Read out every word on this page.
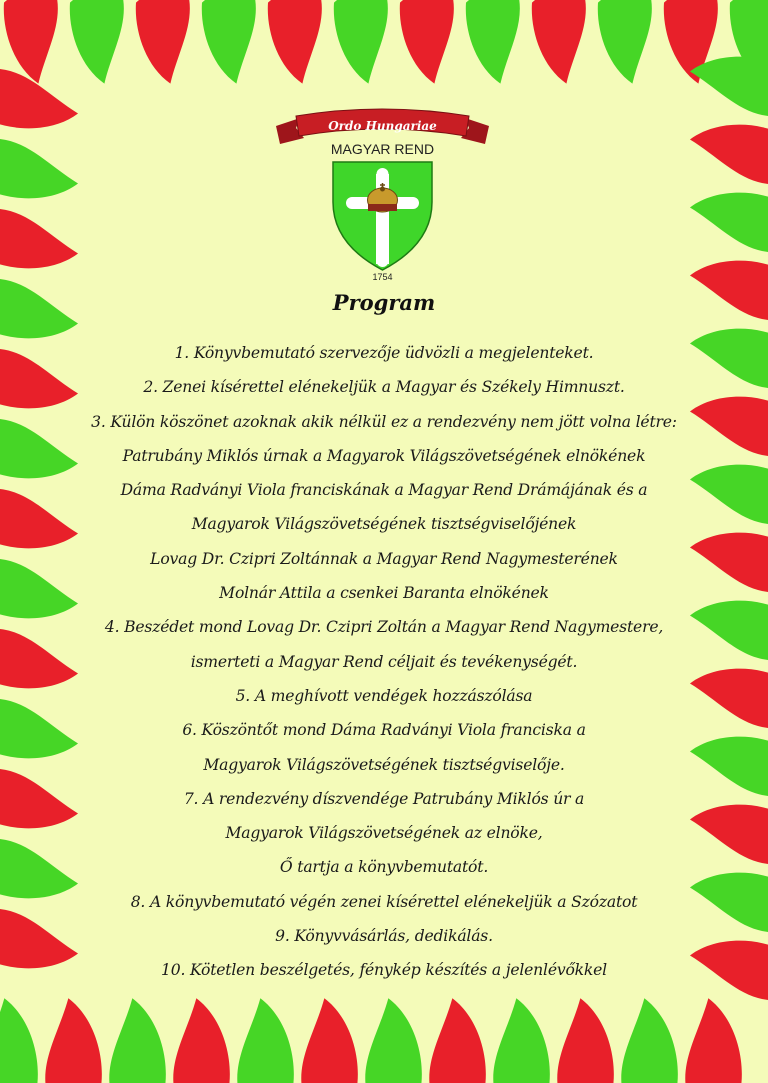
Ordo Hungariae
MAGYAR REND
1754
Program
1. Könyvbemutató szervezője üdvözli a megjelenteket.
2. Zenei kísérettel elénekeljük a Magyar és Székely Himnuszt.
3. Külön köszönet azoknak akik nélkül ez a rendezvény nem jött volna létre:
Patrubány Miklós úrnak a Magyarok Világszövetségének elnökének
Dáma Radványi Viola franciskának a Magyar Rend Drámájának és a
Magyarok Világszövetségének tisztségviselőjének
Lovag Dr. Czipri Zoltánnak a Magyar Rend Nagymesterének
Molnár Attila a csenkei Baranta elnökének
4. Beszédet mond Lovag Dr. Czipri Zoltán a Magyar Rend Nagymestere,
ismerteti a Magyar Rend céljait és tevékenységét.
5. A meghívott vendégek hozzászólása
6. Köszöntőt mond Dáma Radványi Viola franciska a
Magyarok Világszövetségének tisztségviselője.
7. A rendezvény díszvendége Patrubány Miklós úr a
Magyarok Világszövetségének az elnöke,
Ő tartja a könyvbemutatót.
8. A könyvbemutató végén zenei kísérettel elénekeljük a Szózatot
9. Könyvvásárlás, dedikálás.
10. Kötetlen beszélgetés, fénykép készítés a jelenlévőkkel
